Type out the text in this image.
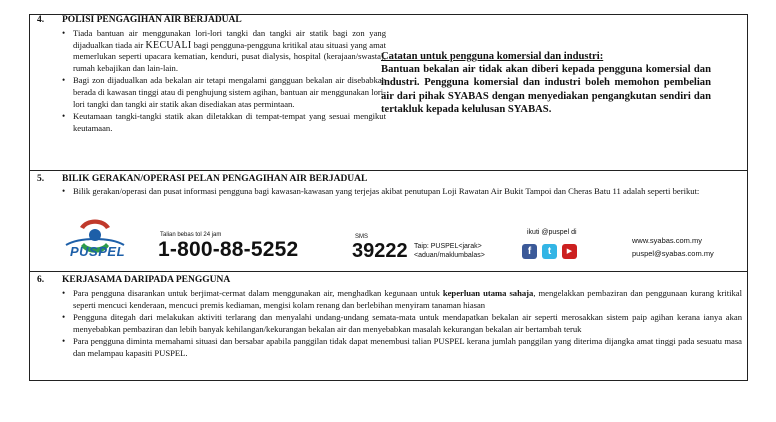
4. POLISI PENGAGIHAN AIR BERJADUAL
• Tiada bantuan air menggunakan lori-lori tangki dan tangki air statik bagi zon yang dijadualkan tiada air KECUALI bagi pengguna-pengguna kritikal atau situasi yang amat memerlukan seperti upacara kematian, kenduri, pusat dialysis, hospital (kerajaan/swasta), rumah kebajikan dan lain-lain.
• Bagi zon dijadualkan ada bekalan air tetapi mengalami gangguan bekalan air disebabkan berada di kawasan tinggi atau di penghujung sistem agihan, bantuan air menggunakan lori-lori tangki dan tangki air statik akan disediakan atas permintaan.
• Keutamaan tangki-tangki statik akan diletakkan di tempat-tempat yang sesuai mengikut keutamaan.
Catatan untuk pengguna komersial dan industri:
Bantuan bekalan air tidak akan diberi kepada pengguna komersial dan industri. Pengguna komersial dan industri boleh memohon pembelian air dari pihak SYABAS dengan menyediakan pengangkutan sendiri dan tertakluk kepada kelulusan SYABAS.
5. BILIK GERAKAN/OPERASI PELAN PENGAGIHAN AIR BERJADUAL
• Bilik gerakan/operasi dan pusat informasi pengguna bagi kawasan-kawasan yang terjejas akibat penutupan Loji Rawatan Air Bukit Tampoi dan Cheras Batu 11 adalah seperti berikut:
PUSPEL
Talian bebas tol 24 jam
1-800-88-5252
SMS
39222 Taip: PUSPEL<jarak>
<aduan/maklumbalas>
ikuti @puspel di
f	t	▶
www.syabas.com.my
puspel@syabas.com.my
6. KERJASAMA DARIPADA PENGGUNA
• Para pengguna disarankan untuk berjimat-cermat dalam menggunakan air, menghadkan kegunaan untuk keperluan utama sahaja, mengelakkan pembaziran dan penggunaan kurang kritikal seperti mencuci kenderaan, mencuci premis kediaman, mengisi kolam renang dan berlebihan menyiram tanaman hiasan
• Pengguna ditegah dari melakukan aktiviti terlarang dan menyalahi undang-undang semata-mata untuk mendapatkan bekalan air seperti merosakkan sistem paip agihan kerana ianya akan menyebabkan pembaziran dan lebih banyak kehilangan/kekurangan bekalan air dan menyebabkan masalah kekurangan bekalan air bertambah teruk
• Para pengguna diminta memahami situasi dan bersabar apabila panggilan tidak dapat menembusi talian PUSPEL kerana jumlah panggilan yang diterima dijangka amat tinggi pada sesuatu masa dan melampau kapasiti PUSPEL.
